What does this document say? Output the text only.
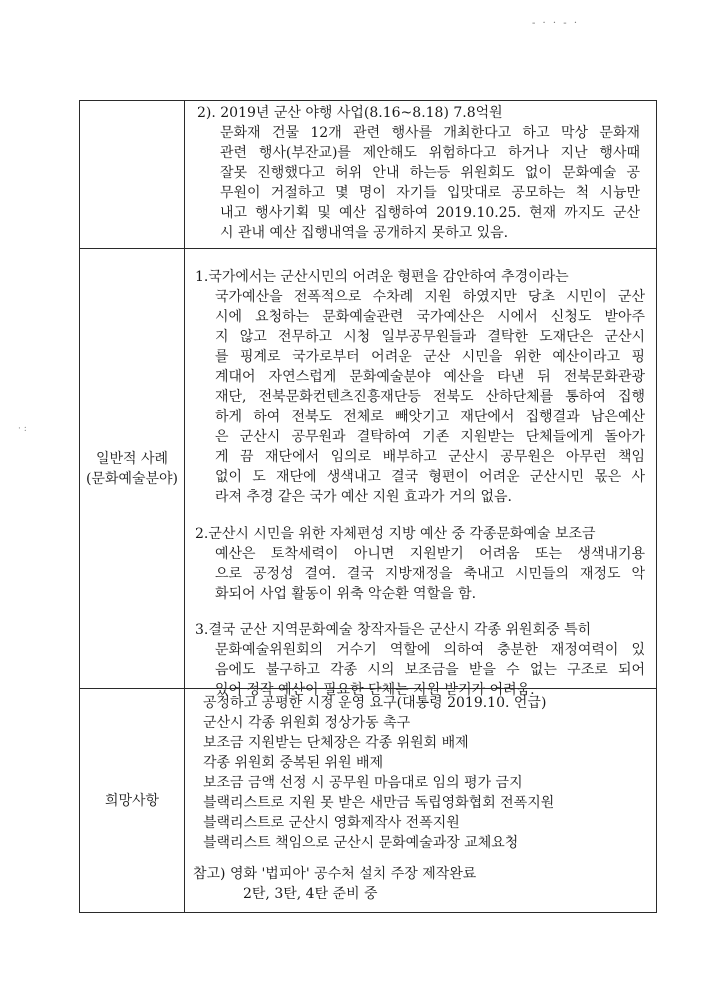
- · · - ·
· :
2). 2019년 군산 야행 사업(8.16~8.18) 7.8억원
문화재 건물 12개 관련 행사를 개최한다고 하고 막상 문화재
관련 행사(부잔교)를 제안해도 위험하다고 하거나 지난 행사때
잘못 진행했다고 허위 안내 하는등 위원회도 없이 문화예술 공
무원이 거절하고 몇 명이 자기들 입맛대로 공모하는 척 시늉만
내고 행사기획 및 예산 집행하여 2019.10.25. 현재 까지도 군산
시 관내 예산 집행내역을 공개하지 못하고 있음.
일반적 사례
(문화예술분야)
1.국가에서는 군산시민의 어려운 형편을 감안하여 추경이라는
국가예산을 전폭적으로 수차례 지원 하였지만 당초 시민이 군산
시에 요청하는 문화예술관련 국가예산은 시에서 신청도 받아주
지 않고 전무하고 시청 일부공무원들과 결탁한 도재단은 군산시
를 핑계로 국가로부터 어려운 군산 시민을 위한 예산이라고 핑
계대어 자연스럽게 문화예술분야 예산을 타낸 뒤 전북문화관광
재단, 전북문화컨텐츠진흥재단등 전북도 산하단체를 통하여 집행
하게 하여 전북도 전체로 빼앗기고 재단에서 집행결과 남은예산
은 군산시 공무원과 결탁하여 기존 지원받는 단체들에게 돌아가
게 끔 재단에서 임의로 배부하고 군산시 공무원은 아무런 책임
없이 도 재단에 생색내고 결국 형편이 어려운 군산시민 몫은 사
라져 추경 같은 국가 예산 지원 효과가 거의 없음.
2.군산시 시민을 위한 자체편성 지방 예산 중 각종문화예술 보조금
예산은 토착세력이 아니면 지원받기 어려움 또는 생색내기용
으로 공정성 결여. 결국 지방재정을 축내고 시민들의 재정도 악
화되어 사업 활동이 위축 악순환 역할을 함.
3.결국 군산 지역문화예술 창작자들은 군산시 각종 위원회중 특히
문화예술위원회의 거수기 역할에 의하여 충분한 재정여력이 있
음에도 불구하고 각종 시의 보조금을 받을 수 없는 구조로 되어
있어 정작 예산이 필요한 단체는 지원 받기가 어려움.
희망사항
공정하고 공평한 시정 운영 요구(대통령 2019.10. 언급)
군산시 각종 위원회 정상가동 촉구
보조금 지원받는 단체장은 각종 위원회 배제
각종 위원회 중복된 위원 배제
보조금 금액 선정 시 공무원 마음대로 임의 평가 금지
블랙리스트로 지원 못 받은 새만금 독립영화협회 전폭지원
블랙리스트로 군산시 영화제작사 전폭지원
블랙리스트 책임으로 군산시 문화예술과장 교체요청
참고) 영화 '법피아' 공수처 설치 주장 제작완료
2탄, 3탄, 4탄 준비 중
